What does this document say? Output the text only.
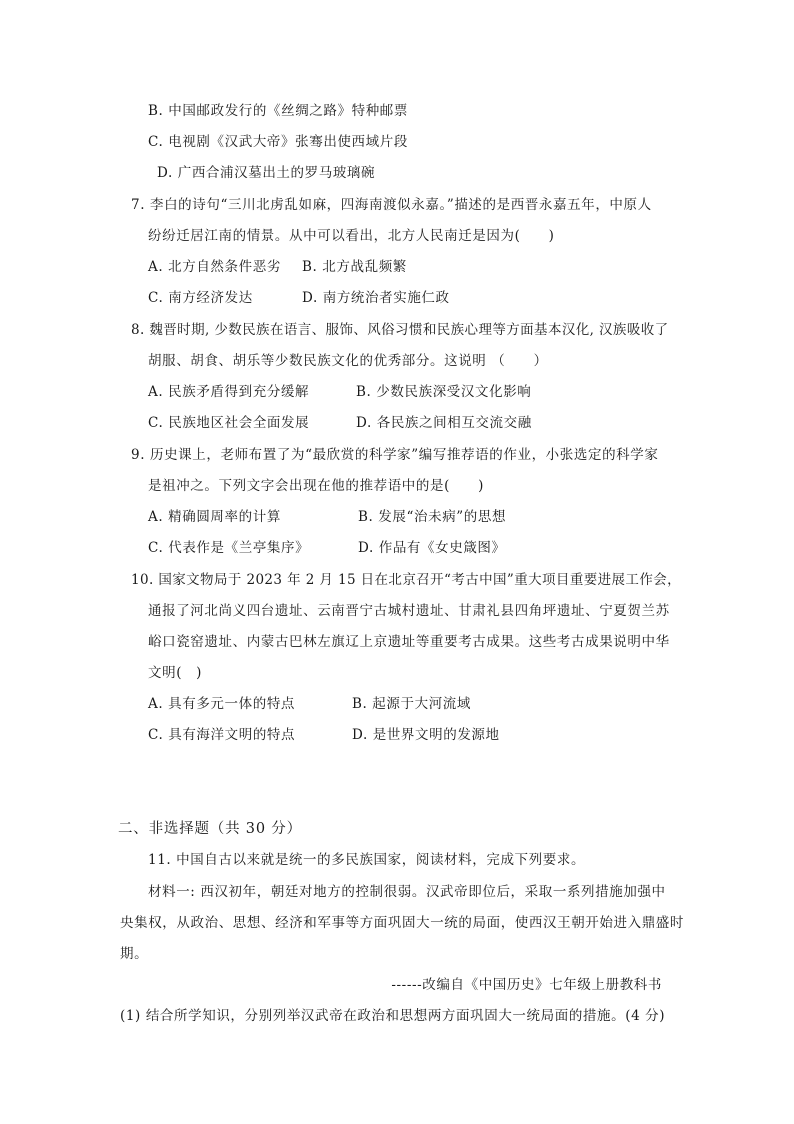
B. 中国邮政发行的《丝绸之路》特种邮票
C. 电视剧《汉武大帝》张骞出使西域片段
D. 广西合浦汉墓出土的罗马玻璃碗
7. 李白的诗句“三川北虏乱如麻，四海南渡似永嘉。”描述的是西晋永嘉五年，中原人
纷纷迁居江南的情景。从中可以看出，北方人民南迁是因为(　　)
A. 北方自然条件恶劣 B. 北方战乱频繁
C. 南方经济发达	D. 南方统治者实施仁政
8. 魏晋时期, 少数民族在语言、服饰、风俗习惯和民族心理等方面基本汉化, 汉族吸收了
胡服、胡食、胡乐等少数民族文化的优秀部分。这说明 （　　）
A. 民族矛盾得到充分缓解	B. 少数民族深受汉文化影响
C. 民族地区社会全面发展	D. 各民族之间相互交流交融
9. 历史课上，老师布置了为“最欣赏的科学家”编写推荐语的作业，小张选定的科学家
是祖冲之。下列文字会出现在他的推荐语中的是(　　)
A. 精确圆周率的计算	B. 发展“治未病”的思想
C. 代表作是《兰亭集序》	D. 作品有《女史箴图》
10. 国家文物局于 2023 年 2 月 15 日在北京召开“考古中国”重大项目重要进展工作会，
通报了河北尚义四台遗址、云南晋宁古城村遗址、甘肃礼县四角坪遗址、宁夏贺兰苏
峪口瓷窑遗址、内蒙古巴林左旗辽上京遗址等重要考古成果。这些考古成果说明中华
文明(　)
A. 具有多元一体的特点	B. 起源于大河流域
C. 具有海洋文明的特点	D. 是世界文明的发源地
二、非选择题（共 30 分）
11. 中国自古以来就是统一的多民族国家，阅读材料，完成下列要求。
材料一: 西汉初年，朝廷对地方的控制很弱。汉武帝即位后，采取一系列措施加强中
央集权，从政治、思想、经济和军事等方面巩固大一统的局面，使西汉王朝开始进入鼎盛时
期。
------改编自《中国历史》七年级上册教科书
(1) 结合所学知识，分别列举汉武帝在政治和思想两方面巩固大一统局面的措施。(4 分)
